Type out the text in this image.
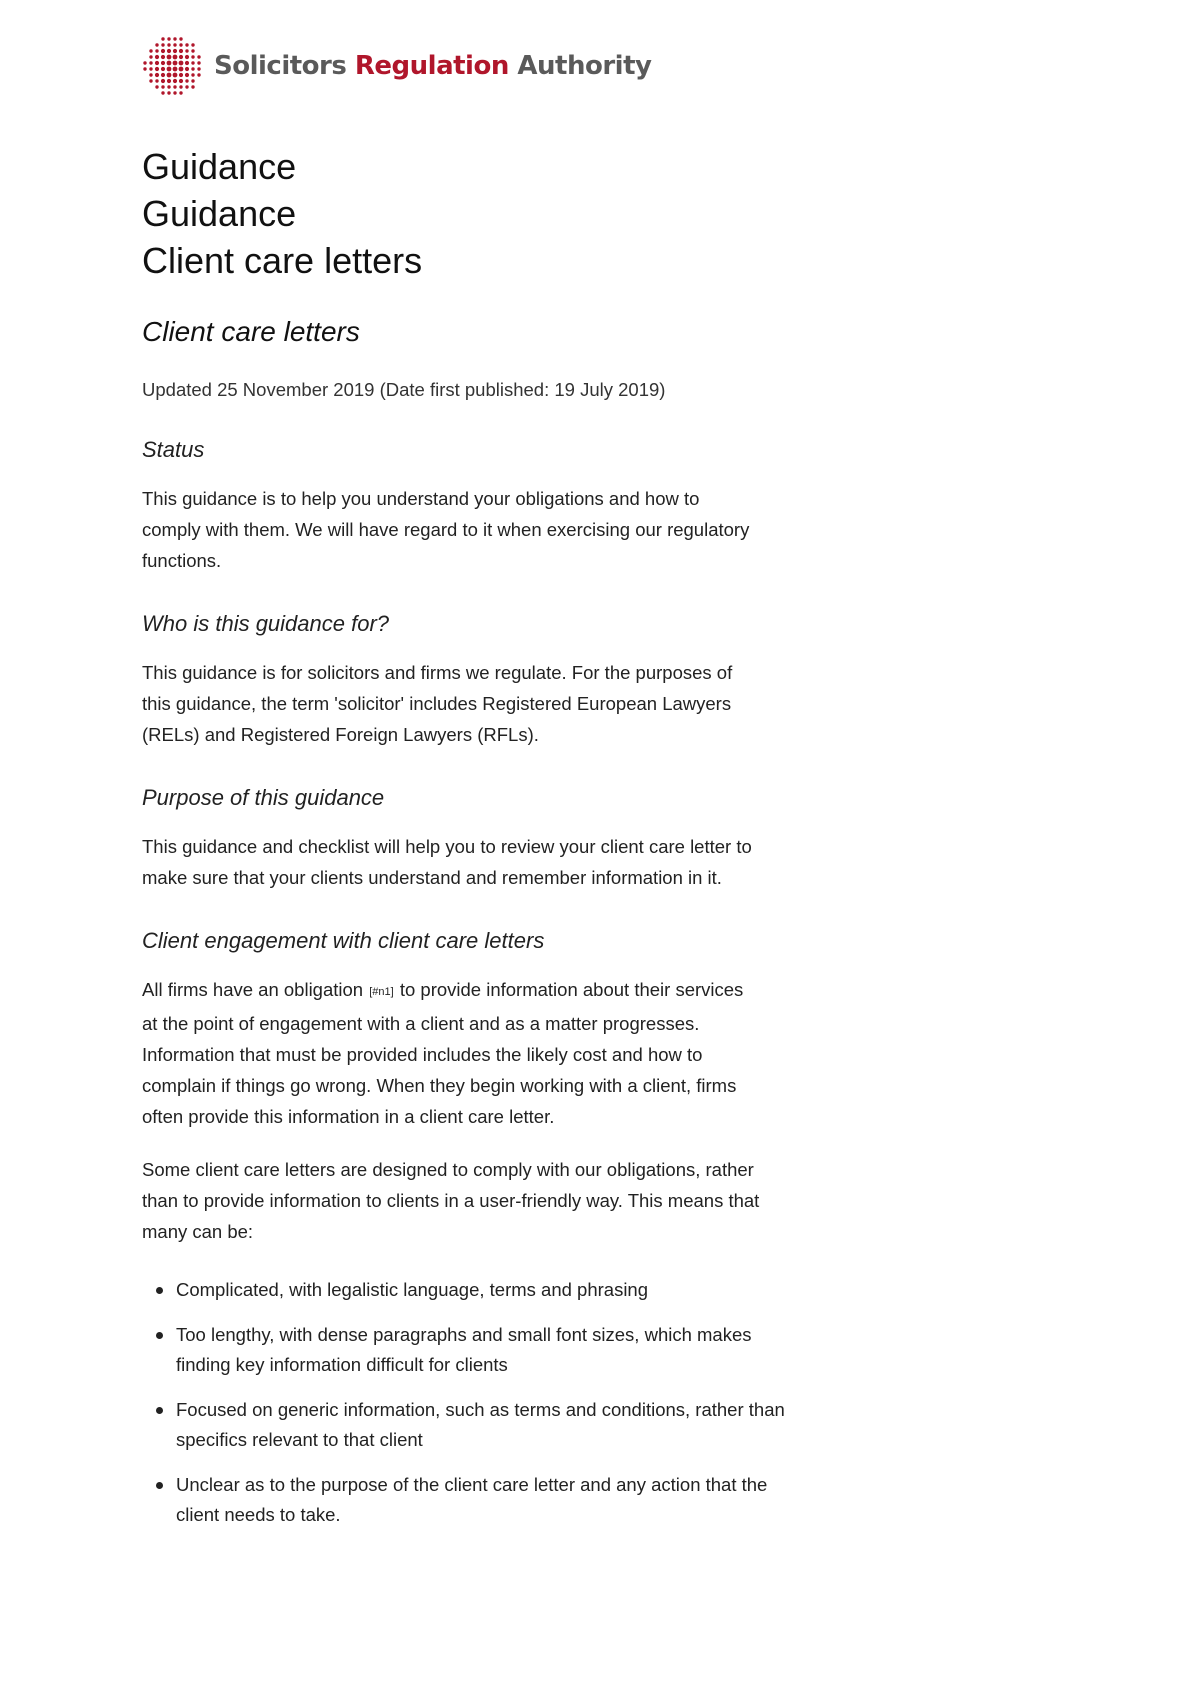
Solicitors Regulation Authority
Guidance
Guidance
Client care letters
Client care letters
Updated 25 November 2019 (Date first published: 19 July 2019)
Status
This guidance is to help you understand your obligations and how to
comply with them. We will have regard to it when exercising our regulatory
functions.
Who is this guidance for?
This guidance is for solicitors and firms we regulate. For the purposes of
this guidance, the term 'solicitor' includes Registered European Lawyers
(RELs) and Registered Foreign Lawyers (RFLs).
Purpose of this guidance
This guidance and checklist will help you to review your client care letter to
make sure that your clients understand and remember information in it.
Client engagement with client care letters
All firms have an obligation [#n1] to provide information about their services
at the point of engagement with a client and as a matter progresses.
Information that must be provided includes the likely cost and how to
complain if things go wrong. When they begin working with a client, firms
often provide this information in a client care letter.
Some client care letters are designed to comply with our obligations, rather
than to provide information to clients in a user-friendly way. This means that
many can be:
Complicated, with legalistic language, terms and phrasing
Too lengthy, with dense paragraphs and small font sizes, which makes
finding key information difficult for clients
Focused on generic information, such as terms and conditions, rather than
specifics relevant to that client
Unclear as to the purpose of the client care letter and any action that the
client needs to take.
